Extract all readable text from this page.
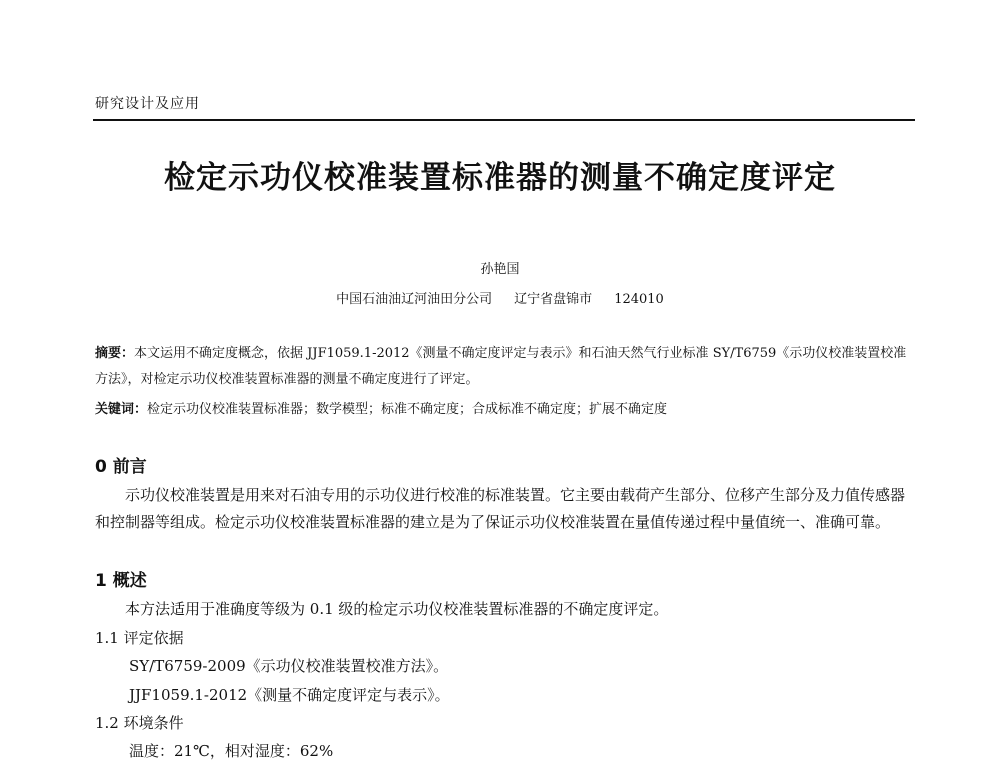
研究设计及应用
检定示功仪校准装置标准器的测量不确定度评定
孙艳国
中国石油油辽河油田分公司 辽宁省盘锦市 124010
摘要：本文运用不确定度概念，依据 JJF1059.1-2012《测量不确定度评定与表示》和石油天然气行业标准 SY/T6759《示功仪校准装置校准方法》，对检定示功仪校准装置标准器的测量不确定度进行了评定。
关键词：检定示功仪校准装置标准器；数学模型；标准不确定度；合成标准不确定度；扩展不确定度
0 前言
示功仪校准装置是用来对石油专用的示功仪进行校准的标准装置。它主要由载荷产生部分、位移产生部分及力值传感器和控制器等组成。检定示功仪校准装置标准器的建立是为了保证示功仪校准装置在量值传递过程中量值统一、准确可靠。
1 概述
本方法适用于准确度等级为 0.1 级的检定示功仪校准装置标准器的不确定度评定。
1.1 评定依据
SY/T6759-2009《示功仪校准装置校准方法》。
JJF1059.1-2012《测量不确定度评定与表示》。
1.2 环境条件
温度：21℃，相对湿度：62%
